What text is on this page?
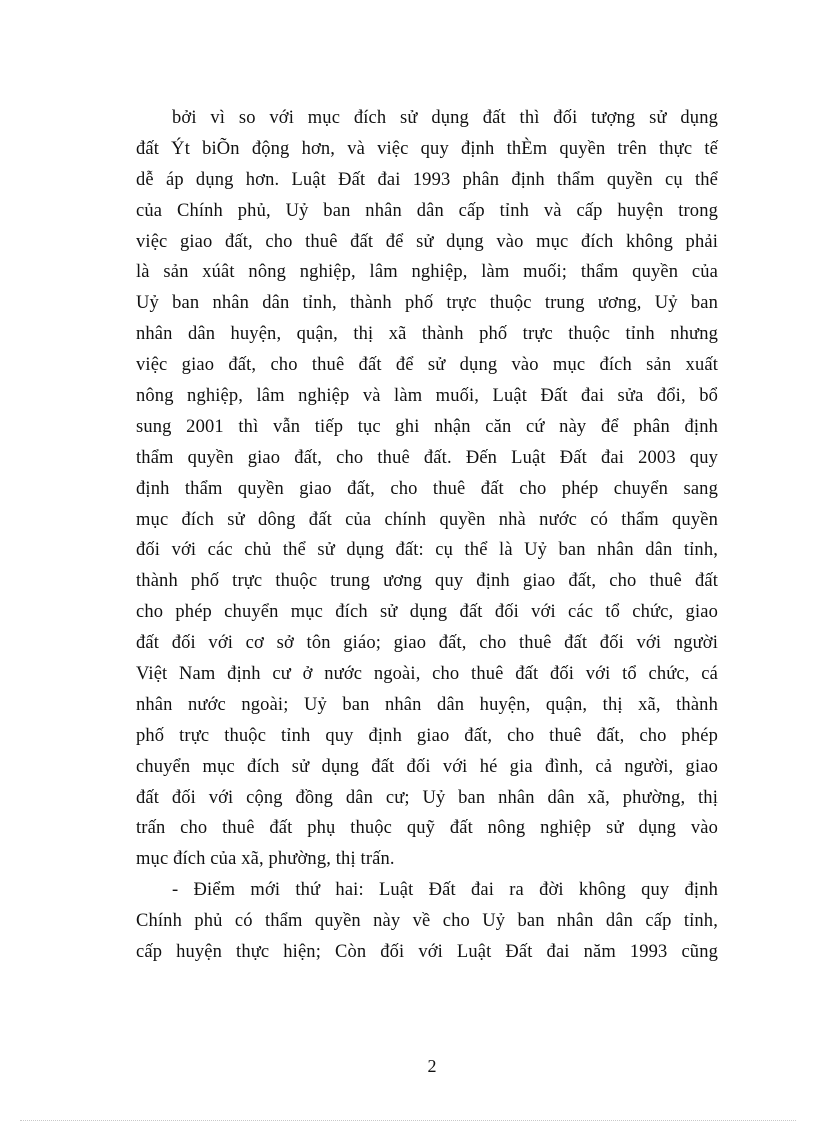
bởi vì so với mục đích sử dụng đất thì đối tượng sử dụng
đất Ýt biÕn động hơn, và việc quy định thÈm quyền trên thực tế
dễ áp dụng hơn. Luật Đất đai 1993 phân định thẩm quyền cụ thể
của Chính phủ, Uỷ ban nhân dân cấp tỉnh và cấp huyện trong
việc giao đất, cho thuê đất để sử dụng vào mục đích không phải
là sản xúât nông nghiệp, lâm nghiệp, làm muối; thẩm quyền của
Uỷ ban nhân dân tỉnh, thành phố trực thuộc trung ương, Uỷ ban
nhân dân huyện, quận, thị xã thành phố trực thuộc tỉnh nhưng
việc giao đất, cho thuê đất để sử dụng vào mục đích sản xuất
nông nghiệp, lâm nghiệp và làm muối, Luật Đất đai sửa đổi, bổ
sung 2001 thì vẫn tiếp tục ghi nhận căn cứ này để phân định
thẩm quyền giao đất, cho thuê đất. Đến Luật Đất đai 2003 quy
định thẩm quyền giao đất, cho thuê đất cho phép chuyển sang
mục đích sử dông đất của chính quyền nhà nước có thẩm quyền
đối với các chủ thể sử dụng đất: cụ thể là Uỷ ban nhân dân tỉnh,
thành phố trực thuộc trung ương quy định giao đất, cho thuê đất
cho phép chuyển mục đích sử dụng đất đối với các tổ chức, giao
đất đối với cơ sở tôn giáo; giao đất, cho thuê đất đối với người
Việt Nam định cư ở nước ngoài, cho thuê đất đối với tổ chức, cá
nhân nước ngoài; Uỷ ban nhân dân huyện, quận, thị xã, thành
phố trực thuộc tỉnh quy định giao đất, cho thuê đất, cho phép
chuyển mục đích sử dụng đất đối với hé gia đình, cả người, giao
đất đối với cộng đồng dân cư; Uỷ ban nhân dân xã, phường, thị
trấn cho thuê đất phụ thuộc quỹ đất nông nghiệp sử dụng vào
mục đích của xã, phường, thị trấn.
- Điểm mới thứ hai: Luật Đất đai ra đời không quy định
Chính phủ có thẩm quyền này về cho Uỷ ban nhân dân cấp tỉnh,
cấp huyện thực hiện; Còn đối với Luật Đất đai năm 1993 cũng
2
